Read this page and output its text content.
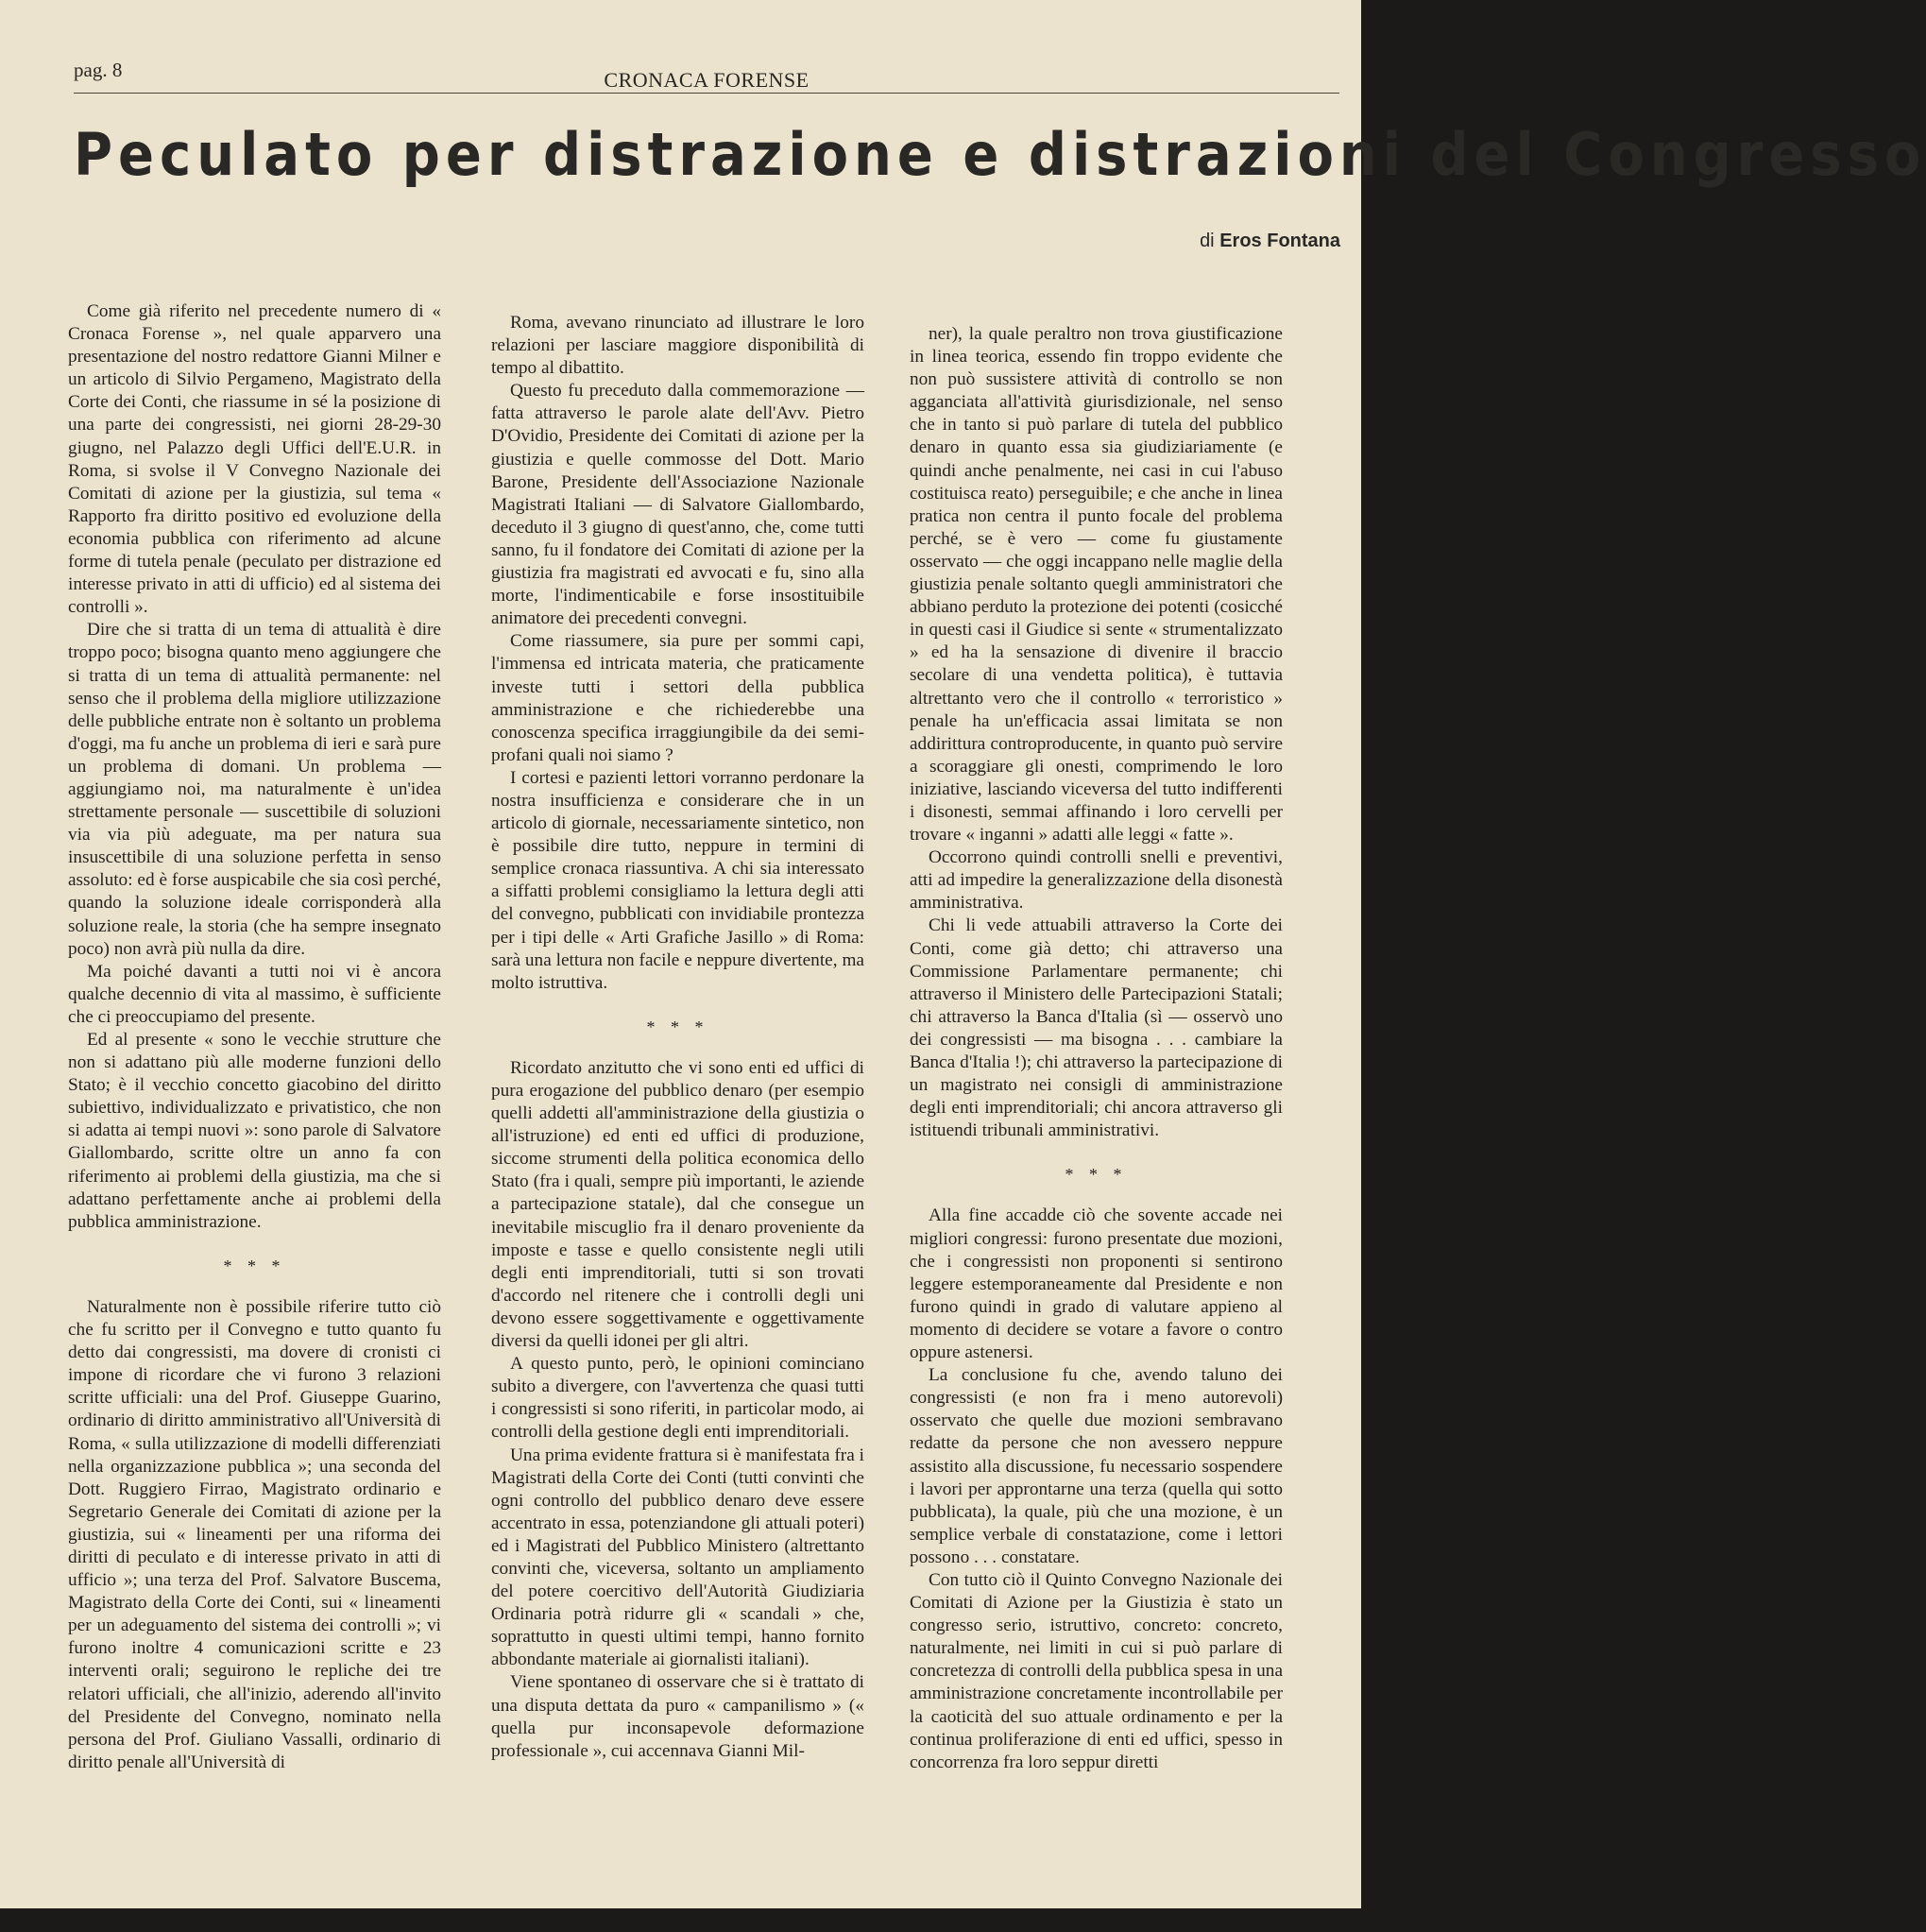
pag. 8	CRONACA FORENSE
Peculato per distrazione e distrazioni del Congresso
di Eros Fontana

Come già riferito nel precedente numero di « Cronaca Forense », nel quale apparvero una presentazione del nostro redattore Gianni Milner e un articolo di Silvio Pergameno, Magistrato della Corte dei Conti, che riassume in sé la posizione di una parte dei congressisti, nei giorni 28-29-30 giugno, nel Palazzo degli Uffici dell'E.U.R. in Roma, si svolse il V Convegno Nazionale dei Comitati di azione per la giustizia, sul tema « Rapporto fra diritto positivo ed evoluzione della economia pubblica con riferimento ad alcune forme di tutela penale (peculato per distrazione ed interesse privato in atti di ufficio) ed al sistema dei controlli ».

Dire che si tratta di un tema di attualità è dire troppo poco; bisogna quanto meno aggiungere che si tratta di un tema di attualità permanente: nel senso che il problema della migliore utilizzazione delle pubbliche entrate non è soltanto un problema d'oggi, ma fu anche un problema di ieri e sarà pure un problema di domani. Un problema — aggiungiamo noi, ma naturalmente è un'idea strettamente personale — suscettibile di soluzioni via via più adeguate, ma per natura sua insuscettibile di una soluzione perfetta in senso assoluto: ed è forse auspicabile che sia così perché, quando la soluzione ideale corrisponderà alla soluzione reale, la storia (che ha sempre insegnato poco) non avrà più nulla da dire.

Ma poiché davanti a tutti noi vi è ancora qualche decennio di vita al massimo, è sufficiente che ci preoccupiamo del presente.

Ed al presente « sono le vecchie strutture che non si adattano più alle moderne funzioni dello Stato; è il vecchio concetto giacobino del diritto subiettivo, individualizzato e privatistico, che non si adatta ai tempi nuovi »: sono parole di Salvatore Giallombardo, scritte oltre un anno fa con riferimento ai problemi della giustizia, ma che si adattano perfettamente anche ai problemi della pubblica amministrazione.

* * *

Naturalmente non è possibile riferire tutto ciò che fu scritto per il Convegno e tutto quanto fu detto dai congressisti, ma dovere di cronisti ci impone di ricordare che vi furono 3 relazioni scritte ufficiali: una del Prof. Giuseppe Guarino, ordinario di diritto amministrativo all'Università di Roma, « sulla utilizzazione di modelli differenziati nella organizzazione pubblica »; una seconda del Dott. Ruggiero Firrao, Magistrato ordinario e Segretario Generale dei Comitati di azione per la giustizia, sui « lineamenti per una riforma dei diritti di peculato e di interesse privato in atti di ufficio »; una terza del Prof. Salvatore Buscema, Magistrato della Corte dei Conti, sui « lineamenti per un adeguamento del sistema dei controlli »; vi furono inoltre 4 comunicazioni scritte e 23 interventi orali; seguirono le repliche dei tre relatori ufficiali, che all'inizio, aderendo all'invito del Presidente del Convegno, nominato nella persona del Prof. Giuliano Vassalli, ordinario di diritto penale all'Università di

Roma, avevano rinunciato ad illustrare le loro relazioni per lasciare maggiore disponibilità di tempo al dibattito.

Questo fu preceduto dalla commemorazione — fatta attraverso le parole alate dell'Avv. Pietro D'Ovidio, Presidente dei Comitati di azione per la giustizia e quelle commosse del Dott. Mario Barone, Presidente dell'Associazione Nazionale Magistrati Italiani — di Salvatore Giallombardo, deceduto il 3 giugno di quest'anno, che, come tutti sanno, fu il fondatore dei Comitati di azione per la giustizia fra magistrati ed avvocati e fu, sino alla morte, l'indimenticabile e forse insostituibile animatore dei precedenti convegni.

Come riassumere, sia pure per sommi capi, l'immensa ed intricata materia, che praticamente investe tutti i settori della pubblica amministrazione e che richiederebbe una conoscenza specifica irraggiungibile da dei semi-profani quali noi siamo ?

I cortesi e pazienti lettori vorranno perdonare la nostra insufficienza e considerare che in un articolo di giornale, necessariamente sintetico, non è possibile dire tutto, neppure in termini di semplice cronaca riassuntiva. A chi sia interessato a siffatti problemi consigliamo la lettura degli atti del convegno, pubblicati con invidiabile prontezza per i tipi delle « Arti Grafiche Jasillo » di Roma: sarà una lettura non facile e neppure divertente, ma molto istruttiva.

* * *

Ricordato anzitutto che vi sono enti ed uffici di pura erogazione del pubblico denaro (per esempio quelli addetti all'amministrazione della giustizia o all'istruzione) ed enti ed uffici di produzione, siccome strumenti della politica economica dello Stato (fra i quali, sempre più importanti, le aziende a partecipazione statale), dal che consegue un inevitabile miscuglio fra il denaro proveniente da imposte e tasse e quello consistente negli utili degli enti imprenditoriali, tutti si son trovati d'accordo nel ritenere che i controlli degli uni devono essere soggettivamente e oggettivamente diversi da quelli idonei per gli altri.

A questo punto, però, le opinioni cominciano subito a divergere, con l'avvertenza che quasi tutti i congressisti si sono riferiti, in particolar modo, ai controlli della gestione degli enti imprenditoriali.

Una prima evidente frattura si è manifestata fra i Magistrati della Corte dei Conti (tutti convinti che ogni controllo del pubblico denaro deve essere accentrato in essa, potenziandone gli attuali poteri) ed i Magistrati del Pubblico Ministero (altrettanto convinti che, viceversa, soltanto un ampliamento del potere coercitivo dell'Autorità Giudiziaria Ordinaria potrà ridurre gli « scandali » che, soprattutto in questi ultimi tempi, hanno fornito abbondante materiale ai giornalisti italiani).

Viene spontaneo di osservare che si è trattato di una disputa dettata da puro « campanilismo » (« quella pur inconsapevole deformazione professionale », cui accennava Gianni Mil-

ner), la quale peraltro non trova giustificazione in linea teorica, essendo fin troppo evidente che non può sussistere attività di controllo se non agganciata all'attività giurisdizionale, nel senso che in tanto si può parlare di tutela del pubblico denaro in quanto essa sia giudiziariamente (e quindi anche penalmente, nei casi in cui l'abuso costituisca reato) perseguibile; e che anche in linea pratica non centra il punto focale del problema perché, se è vero — come fu giustamente osservato — che oggi incappano nelle maglie della giustizia penale soltanto quegli amministratori che abbiano perduto la protezione dei potenti (cosicché in questi casi il Giudice si sente « strumentalizzato » ed ha la sensazione di divenire il braccio secolare di una vendetta politica), è tuttavia altrettanto vero che il controllo « terroristico » penale ha un'efficacia assai limitata se non addirittura controproducente, in quanto può servire a scoraggiare gli onesti, comprimendo le loro iniziative, lasciando viceversa del tutto indifferenti i disonesti, semmai affinando i loro cervelli per trovare « inganni » adatti alle leggi « fatte ».

Occorrono quindi controlli snelli e preventivi, atti ad impedire la generalizzazione della disonestà amministrativa.

Chi li vede attuabili attraverso la Corte dei Conti, come già detto; chi attraverso una Commissione Parlamentare permanente; chi attraverso il Ministero delle Partecipazioni Statali; chi attraverso la Banca d'Italia (sì — osservò uno dei congressisti — ma bisogna . . . cambiare la Banca d'Italia !); chi attraverso la partecipazione di un magistrato nei consigli di amministrazione degli enti imprenditoriali; chi ancora attraverso gli istituendi tribunali amministrativi.

* * *

Alla fine accadde ciò che sovente accade nei migliori congressi: furono presentate due mozioni, che i congressisti non proponenti si sentirono leggere estemporaneamente dal Presidente e non furono quindi in grado di valutare appieno al momento di decidere se votare a favore o contro oppure astenersi.

La conclusione fu che, avendo taluno dei congressisti (e non fra i meno autorevoli) osservato che quelle due mozioni sembravano redatte da persone che non avessero neppure assistito alla discussione, fu necessario sospendere i lavori per approntarne una terza (quella qui sotto pubblicata), la quale, più che una mozione, è un semplice verbale di constatazione, come i lettori possono . . . constatare.

Con tutto ciò il Quinto Convegno Nazionale dei Comitati di Azione per la Giustizia è stato un congresso serio, istruttivo, concreto: concreto, naturalmente, nei limiti in cui si può parlare di concretezza di controlli della pubblica spesa in una amministrazione concretamente incontrollabile per la caoticità del suo attuale ordinamento e per la continua proliferazione di enti ed uffici, spesso in concorrenza fra loro seppur diretti
